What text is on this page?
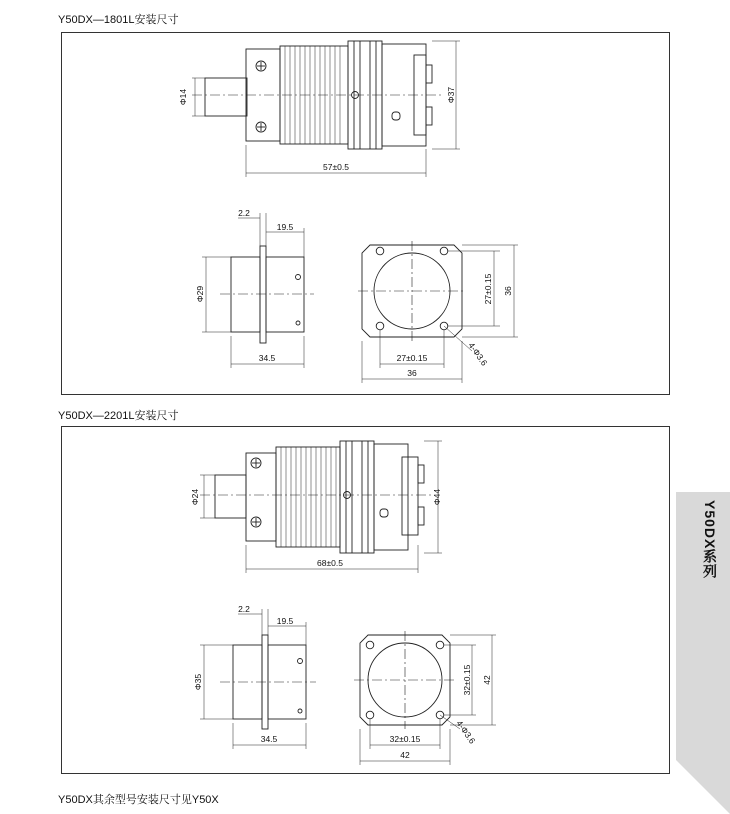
Y50DX—1801L安装尺寸
Φ14	Φ37
57±0.5
2.2
19.5
Φ29
34.5
27±0.15 36
27±0.15
36
4-Φ3.6
Y50DX—2201L安装尺寸
Φ24	Φ44
68±0.5
2.2
19.5
Φ35
34.5
32±0.15 42
32±0.15
42
4-Φ3.6
Y50DX系列
Y50DX其余型号安装尺寸见Y50X
